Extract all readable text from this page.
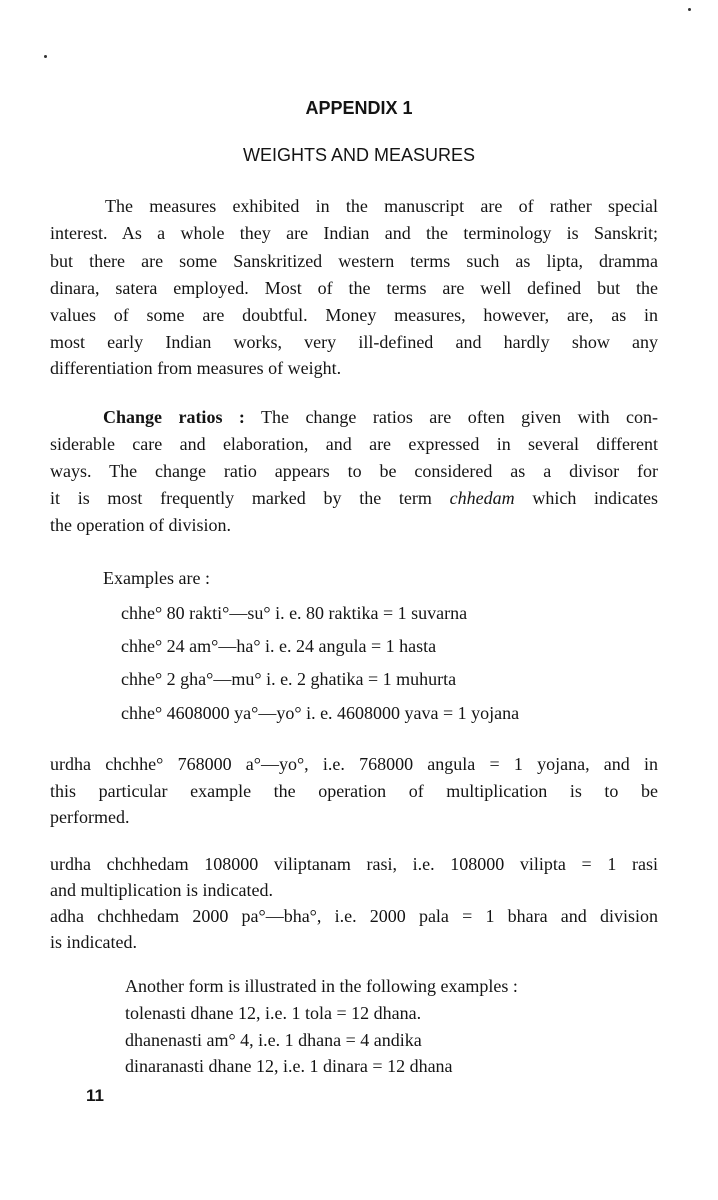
APPENDIX 1
WEIGHTS AND MEASURES
The measures exhibited in the manuscript are of rather special
interest. As a whole they are Indian and the terminology is Sanskrit;
but there are some Sanskritized western terms such as lipta, dramma
dinara, satera employed. Most of the terms are well defined but the
values of some are doubtful. Money measures, however, are, as in
most early Indian works, very ill-defined and hardly show any
differentiation from measures of weight.
Change ratios : The change ratios are often given with con-
siderable care and elaboration, and are expressed in several different
ways. The change ratio appears to be considered as a divisor for
it is most frequently marked by the term chhedam which indicates
the operation of division.
Examples are :
chhe° 80 rakti°—su° i. e. 80 raktika = 1 suvarna
chhe° 24 am°—ha° i. e. 24 angula = 1 hasta
chhe° 2 gha°—mu° i. e. 2 ghatika = 1 muhurta
chhe° 4608000 ya°—yo° i. e. 4608000 yava = 1 yojana
urdha chchhe° 768000 a°—yo°, i.e. 768000 angula = 1 yojana, and in
this particular example the operation of multiplication is to be
performed.
urdha chchhedam 108000 viliptanam rasi, i.e. 108000 vilipta = 1 rasi
and multiplication is indicated.
adha chchhedam 2000 pa°—bha°, i.e. 2000 pala = 1 bhara and division
is indicated.
Another form is illustrated in the following examples :
tolenasti dhane 12, i.e. 1 tola = 12 dhana.
dhanenasti am° 4, i.e. 1 dhana = 4 andika
dinaranasti dhane 12, i.e. 1 dinara = 12 dhana
11
